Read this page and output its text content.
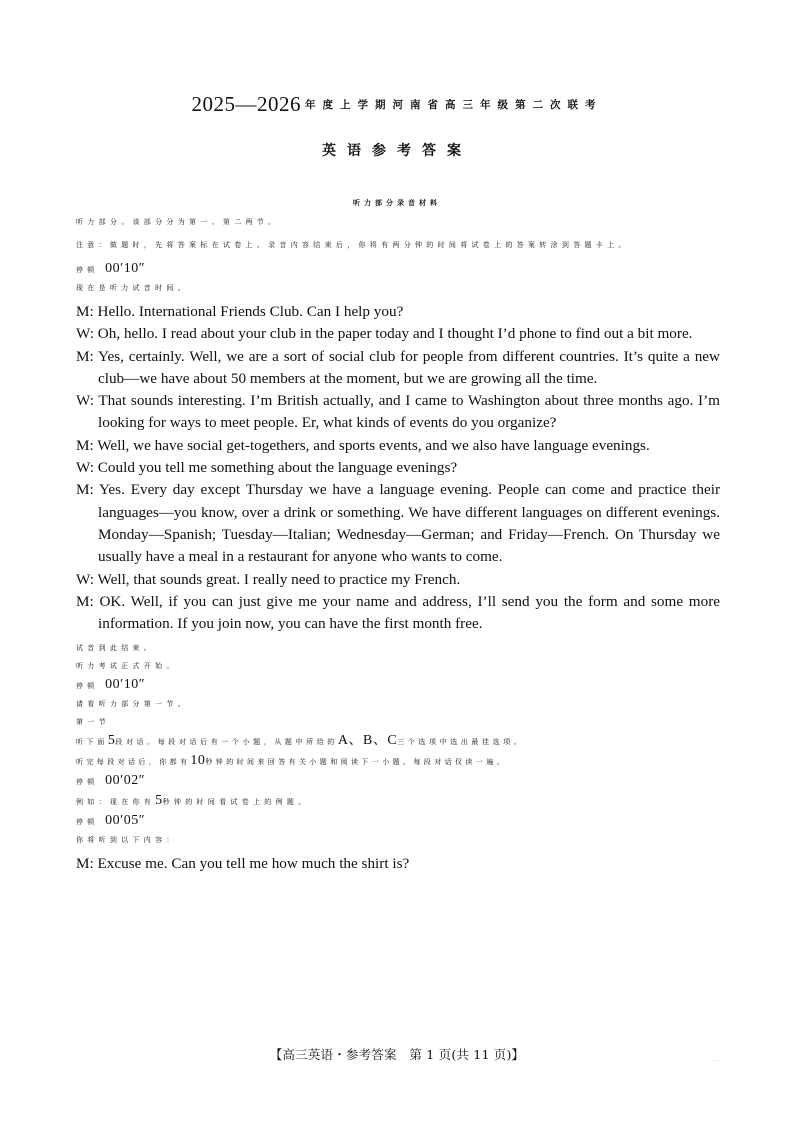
2025—2026 年度上学期河南省高三年级第二次联考
英语参考答案
听力部分录音材料
听力部分。该部分分为第一、第二两节。
注意：做题时，先将答案标在试卷上。录音内容结束后，你将有两分钟的时间将试卷上的答案转涂到答题卡上。
停顿 00′10″
现在是听力试音时间。

M: Hello. International Friends Club. Can I help you?

W: Oh, hello. I read about your club in the paper today and I thought I’d phone to find out a bit more.

M: Yes, certainly. Well, we are a sort of social club for people from different countries. It’s quite a new club—we have about 50 members at the moment, but we are growing all the time.

W: That sounds interesting. I’m British actually, and I came to Washington about three months ago. I’m looking for ways to meet people. Er, what kinds of events do you organize?

M: Well, we have social get-togethers, and sports events, and we also have language evenings.

W: Could you tell me something about the language evenings?

M: Yes. Every day except Thursday we have a language evening. People can come and practice their languages—you know, over a drink or something. We have different languages on different evenings. Monday—Spanish; Tuesday—Italian; Wednesday—German; and Friday—French. On Thursday we usually have a meal in a restaurant for anyone who wants to come.

W: Well, that sounds great. I really need to practice my French.

M: OK. Well, if you can just give me your name and address, I’ll send you the form and some more information. If you join now, you can have the first month free.

试音到此结束。
听力考试正式开始。
停顿 00′10″
请看听力部分第一节。
第一节
听下面5段对话。每段对话后有一个小题，从题中所给的A、B、C三个选项中选出最佳选项。
听完每段对话后，你都有10秒钟的时间来回答有关小题和阅读下一小题。每段对话仅读一遍。
停顿 00′02″
例如：现在你有5秒钟的时间看试卷上的例题。
停顿 00′05″
你将听到以下内容：

M: Excuse me. Can you tell me how much the shirt is?

【高三英语・参考答案　第 1 页(共 11 页)】	…
